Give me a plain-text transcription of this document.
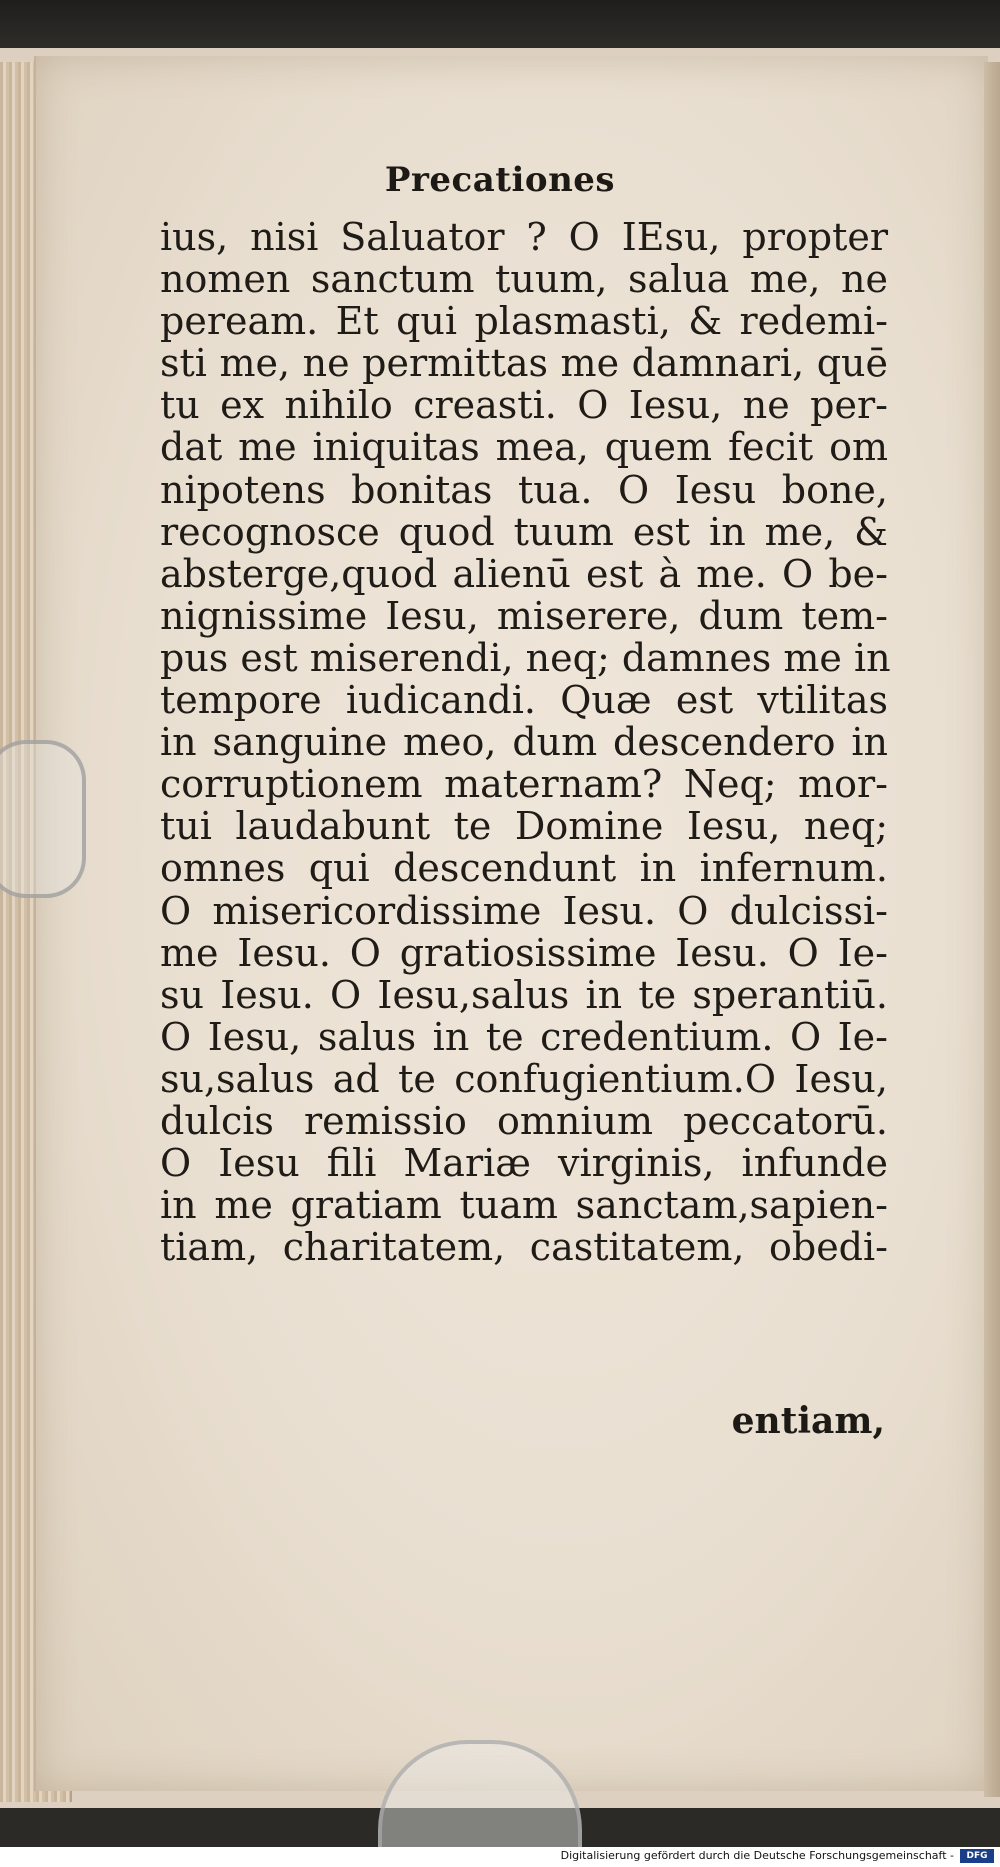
Precationes
ius, nisi Saluator ? O IEsu, propter
nomen sanctum tuum, salua me, ne
peream. Et qui plasmasti, & redemi-
sti me, ne permittas me damnari, quē
tu ex nihilo creasti. O Iesu, ne per-
dat me iniquitas mea, quem fecit om
nipotens bonitas tua. O Iesu bone,
recognosce quod tuum est in me, &
absterge,quod alienū est à me. O be-
nignissime Iesu, miserere, dum tem-
pus est miserendi, neq; damnes me in
tempore iudicandi. Quæ est vtilitas
in sanguine meo, dum descendero in
corruptionem maternam? Neq; mor-
tui laudabunt te Domine Iesu, neq;
omnes qui descendunt in infernum.
O misericordissime Iesu. O dulcissi-
me Iesu. O gratiosissime Iesu. O Ie-
su Iesu. O Iesu,salus in te sperantiū.
O Iesu, salus in te credentium. O Ie-
su,salus ad te confugientium.O Iesu,
dulcis remissio omnium peccatorū.
O Iesu fili Mariæ virginis, infunde
in me gratiam tuam sanctam,sapien-
tiam, charitatem, castitatem, obedi-
entiam,
Digitalisierung gefördert durch die Deutsche Forschungsgemeinschaft -	DFG
